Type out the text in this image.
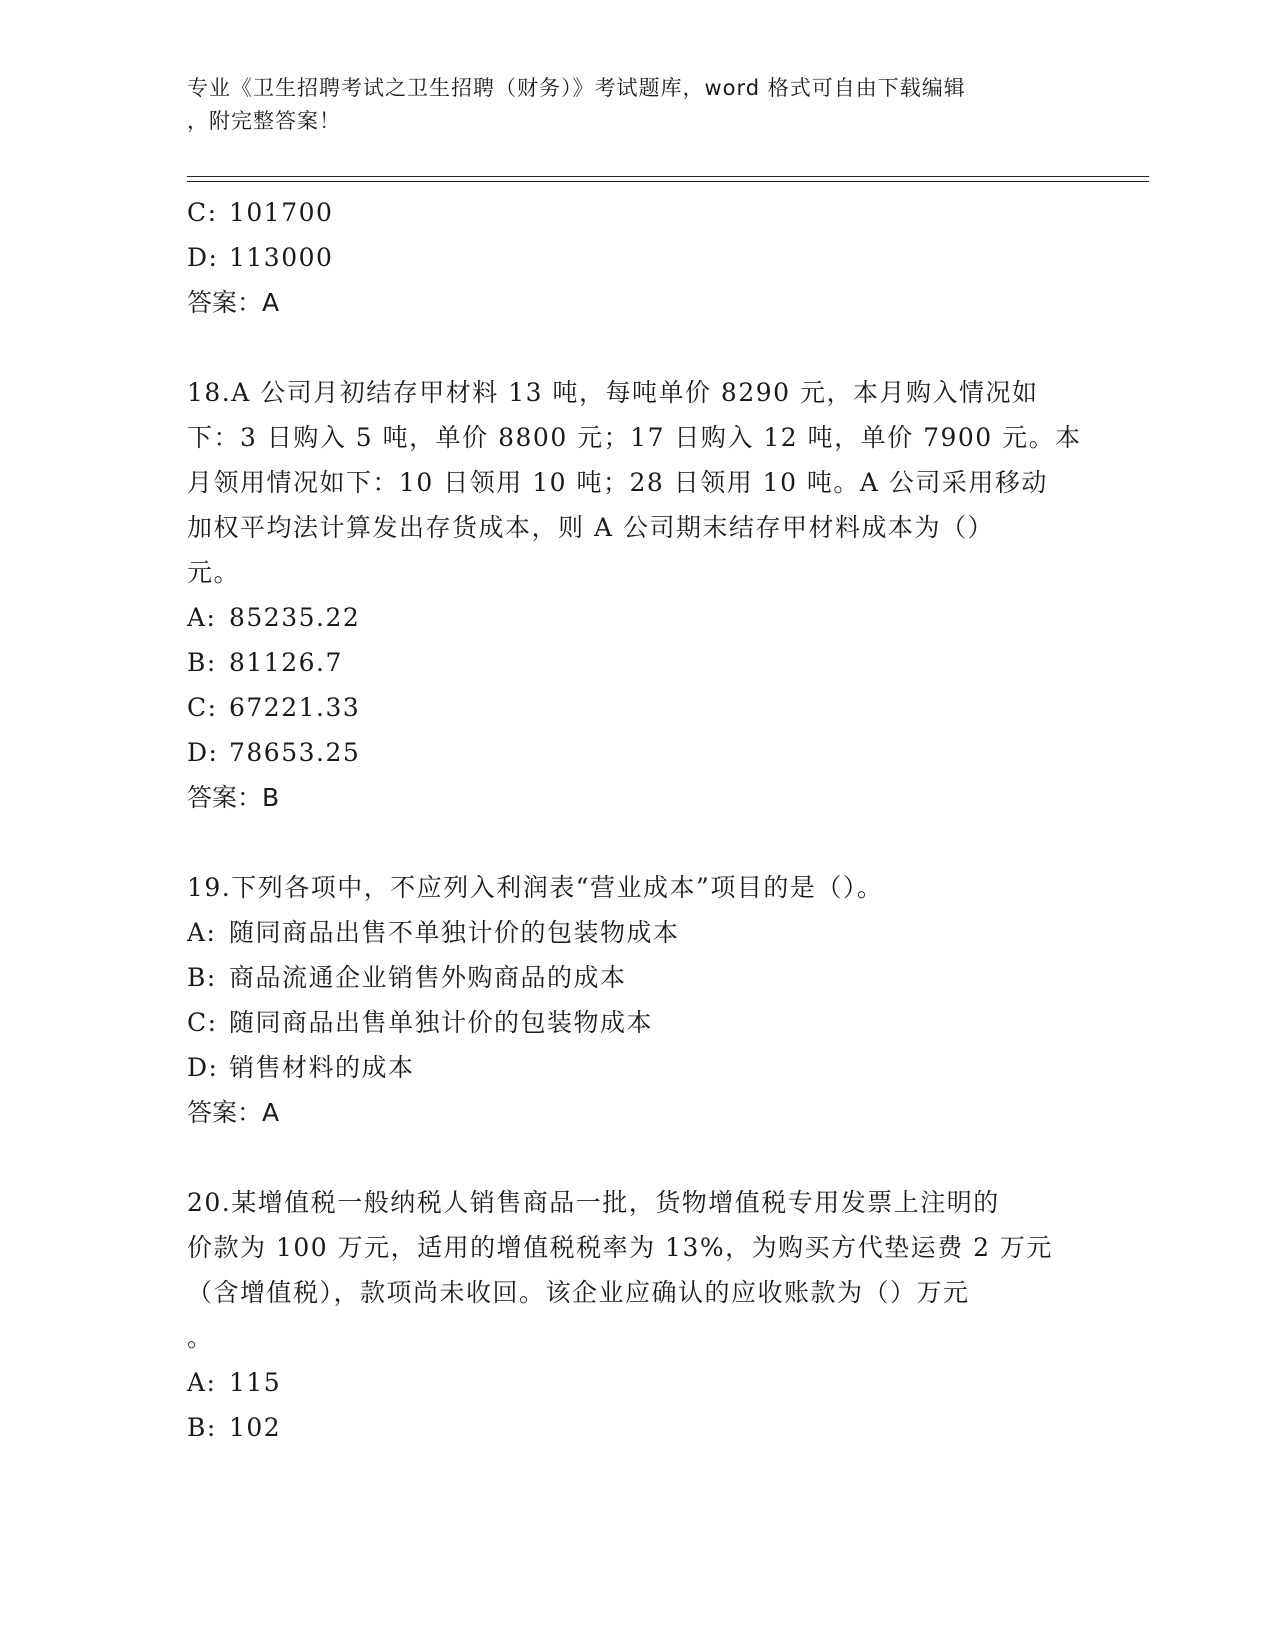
专业《卫生招聘考试之卫生招聘（财务）》考试题库，word 格式可自由下载编辑
，附完整答案！
C: 101700
D: 113000
答案：A
18.A 公司月初结存甲材料 13 吨，每吨单价 8290 元，本月购入情况如
下：3 日购入 5 吨，单价 8800 元；17 日购入 12 吨，单价 7900 元。本
月领用情况如下：10 日领用 10 吨；28 日领用 10 吨。A 公司采用移动
加权平均法计算发出存货成本，则 A 公司期末结存甲材料成本为（）
元。
A: 85235.22
B: 81126.7
C: 67221.33
D: 78653.25
答案：B
19.下列各项中，不应列入利润表“营业成本”项目的是（）。
A: 随同商品出售不单独计价的包装物成本
B: 商品流通企业销售外购商品的成本
C: 随同商品出售单独计价的包装物成本
D: 销售材料的成本
答案：A
20.某增值税一般纳税人销售商品一批，货物增值税专用发票上注明的
价款为 100 万元，适用的增值税税率为 13%，为购买方代垫运费 2 万元
（含增值税），款项尚未收回。该企业应确认的应收账款为（）万元
。
A: 115
B: 102
